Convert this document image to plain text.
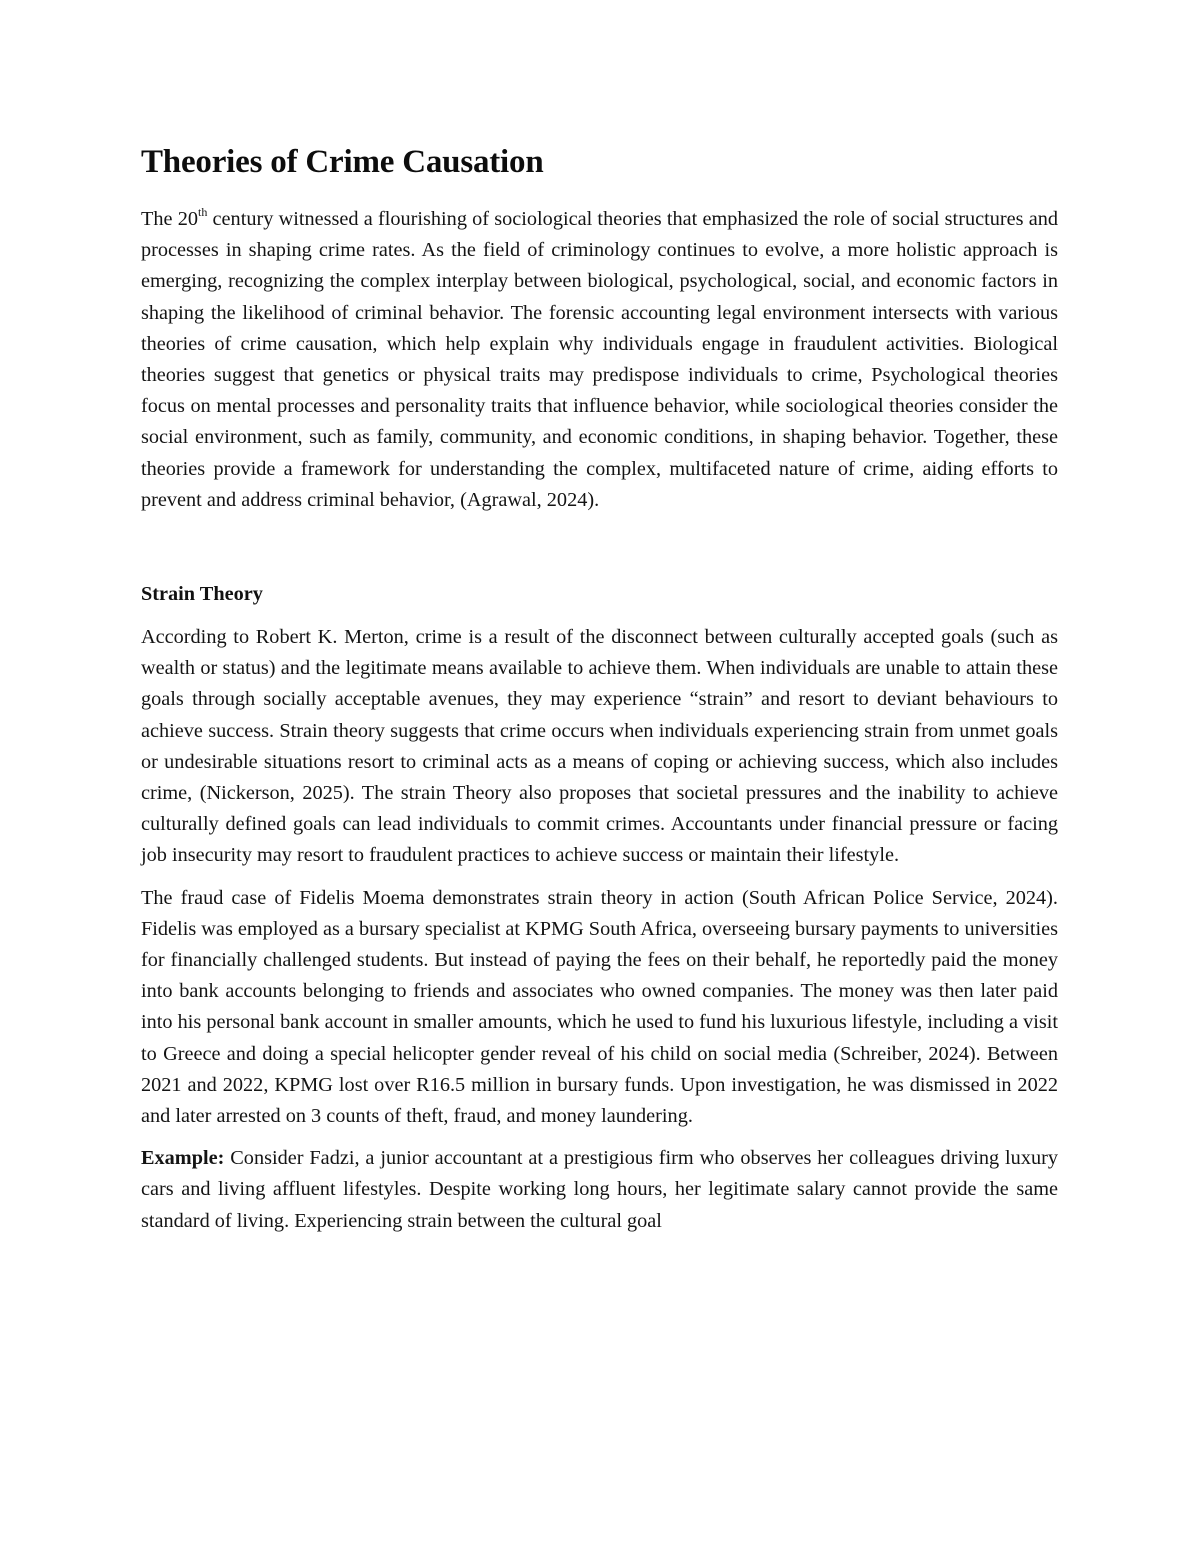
Theories of Crime Causation

The 20th century witnessed a flourishing of sociological theories that emphasized the role of social structures and processes in shaping crime rates. As the field of criminology continues to evolve, a more holistic approach is emerging, recognizing the complex interplay between biological, psychological, social, and economic factors in shaping the likelihood of criminal behavior. The forensic accounting legal environment intersects with various theories of crime causation, which help explain why individuals engage in fraudulent activities. Biological theories suggest that genetics or physical traits may predispose individuals to crime, Psychological theories focus on mental processes and personality traits that influence behavior, while sociological theories consider the social environment, such as family, community, and economic conditions, in shaping behavior. Together, these theories provide a framework for understanding the complex, multifaceted nature of crime, aiding efforts to prevent and address criminal behavior, (Agrawal, 2024).

Strain Theory

According to Robert K. Merton, crime is a result of the disconnect between culturally accepted goals (such as wealth or status) and the legitimate means available to achieve them. When individuals are unable to attain these goals through socially acceptable avenues, they may experience “strain” and resort to deviant behaviours to achieve success. Strain theory suggests that crime occurs when individuals experiencing strain from unmet goals or undesirable situations resort to criminal acts as a means of coping or achieving success, which also includes crime, (Nickerson, 2025). The strain Theory also proposes that societal pressures and the inability to achieve culturally defined goals can lead individuals to commit crimes. Accountants under financial pressure or facing job insecurity may resort to fraudulent practices to achieve success or maintain their lifestyle.

The fraud case of Fidelis Moema demonstrates strain theory in action (South African Police Service, 2024). Fidelis was employed as a bursary specialist at KPMG South Africa, overseeing bursary payments to universities for financially challenged students. But instead of paying the fees on their behalf, he reportedly paid the money into bank accounts belonging to friends and associates who owned companies. The money was then later paid into his personal bank account in smaller amounts, which he used to fund his luxurious lifestyle, including a visit to Greece and doing a special helicopter gender reveal of his child on social media (Schreiber, 2024). Between 2021 and 2022, KPMG lost over R16.5 million in bursary funds. Upon investigation, he was dismissed in 2022 and later arrested on 3 counts of theft, fraud, and money laundering.

Example: Consider Fadzi, a junior accountant at a prestigious firm who observes her colleagues driving luxury cars and living affluent lifestyles. Despite working long hours, her legitimate salary cannot provide the same standard of living. Experiencing strain between the cultural goal
